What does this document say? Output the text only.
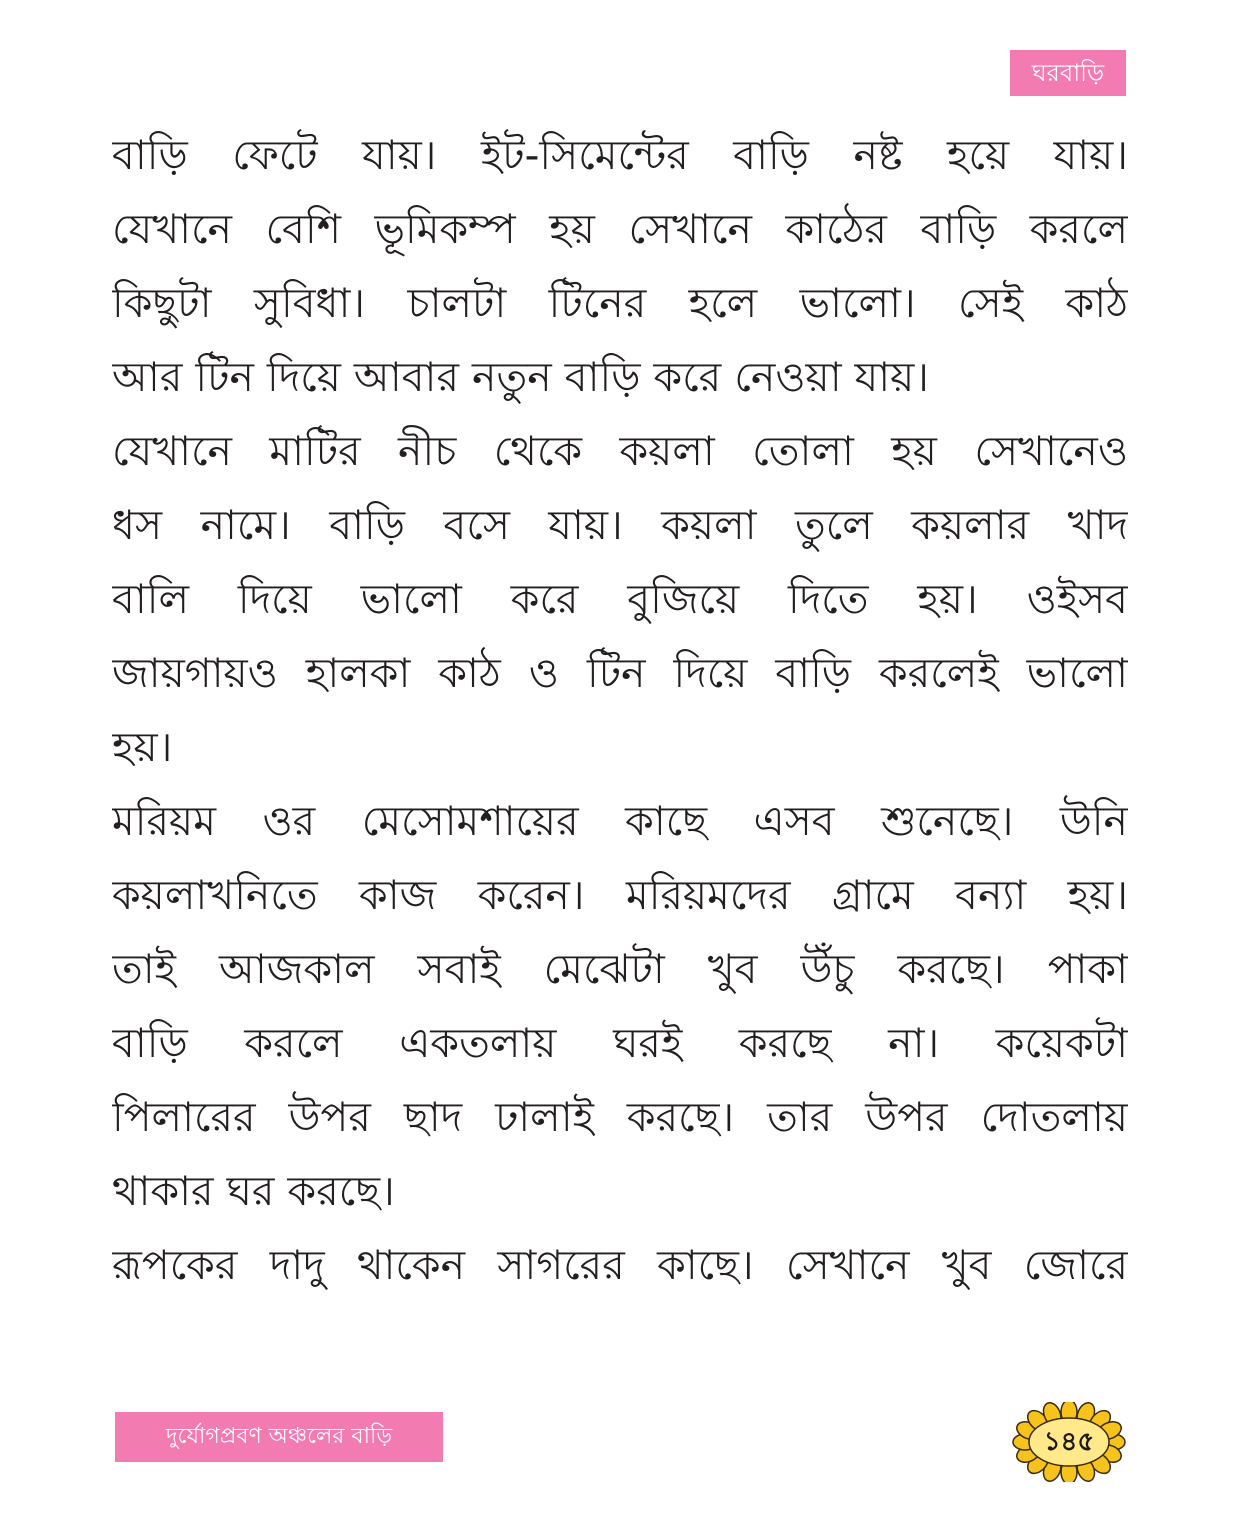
ঘরবাড়ি
বাড়ি ফেটে যায়। ইট-সিমেন্টের বাড়ি নষ্ট হয়ে যায়।
যেখানে বেশি ভূমিকম্প হয় সেখানে কাঠের বাড়ি করলে
কিছুটা সুবিধা। চালটা টিনের হলে ভালো। সেই কাঠ
আর টিন দিয়ে আবার নতুন বাড়ি করে নেওয়া যায়।
যেখানে মাটির নীচ থেকে কয়লা তোলা হয় সেখানেও
ধস নামে। বাড়ি বসে যায়। কয়লা তুলে কয়লার খাদ
বালি দিয়ে ভালো করে বুজিয়ে দিতে হয়। ওইসব
জায়গায়ও হালকা কাঠ ও টিন দিয়ে বাড়ি করলেই ভালো
হয়।
মরিয়ম ওর মেসোমশায়ের কাছে এসব শুনেছে। উনি
কয়লাখনিতে কাজ করেন। মরিয়মদের গ্রামে বন্যা হয়।
তাই আজকাল সবাই মেঝেটা খুব উঁচু করছে। পাকা
বাড়ি করলে একতলায় ঘরই করছে না। কয়েকটা
পিলারের উপর ছাদ ঢালাই করছে। তার উপর দোতলায়
থাকার ঘর করছে।
রূপকের দাদু থাকেন সাগরের কাছে। সেখানে খুব জোরে
দুর্যোগপ্রবণ অঞ্চলের বাড়ি	১৪৫
